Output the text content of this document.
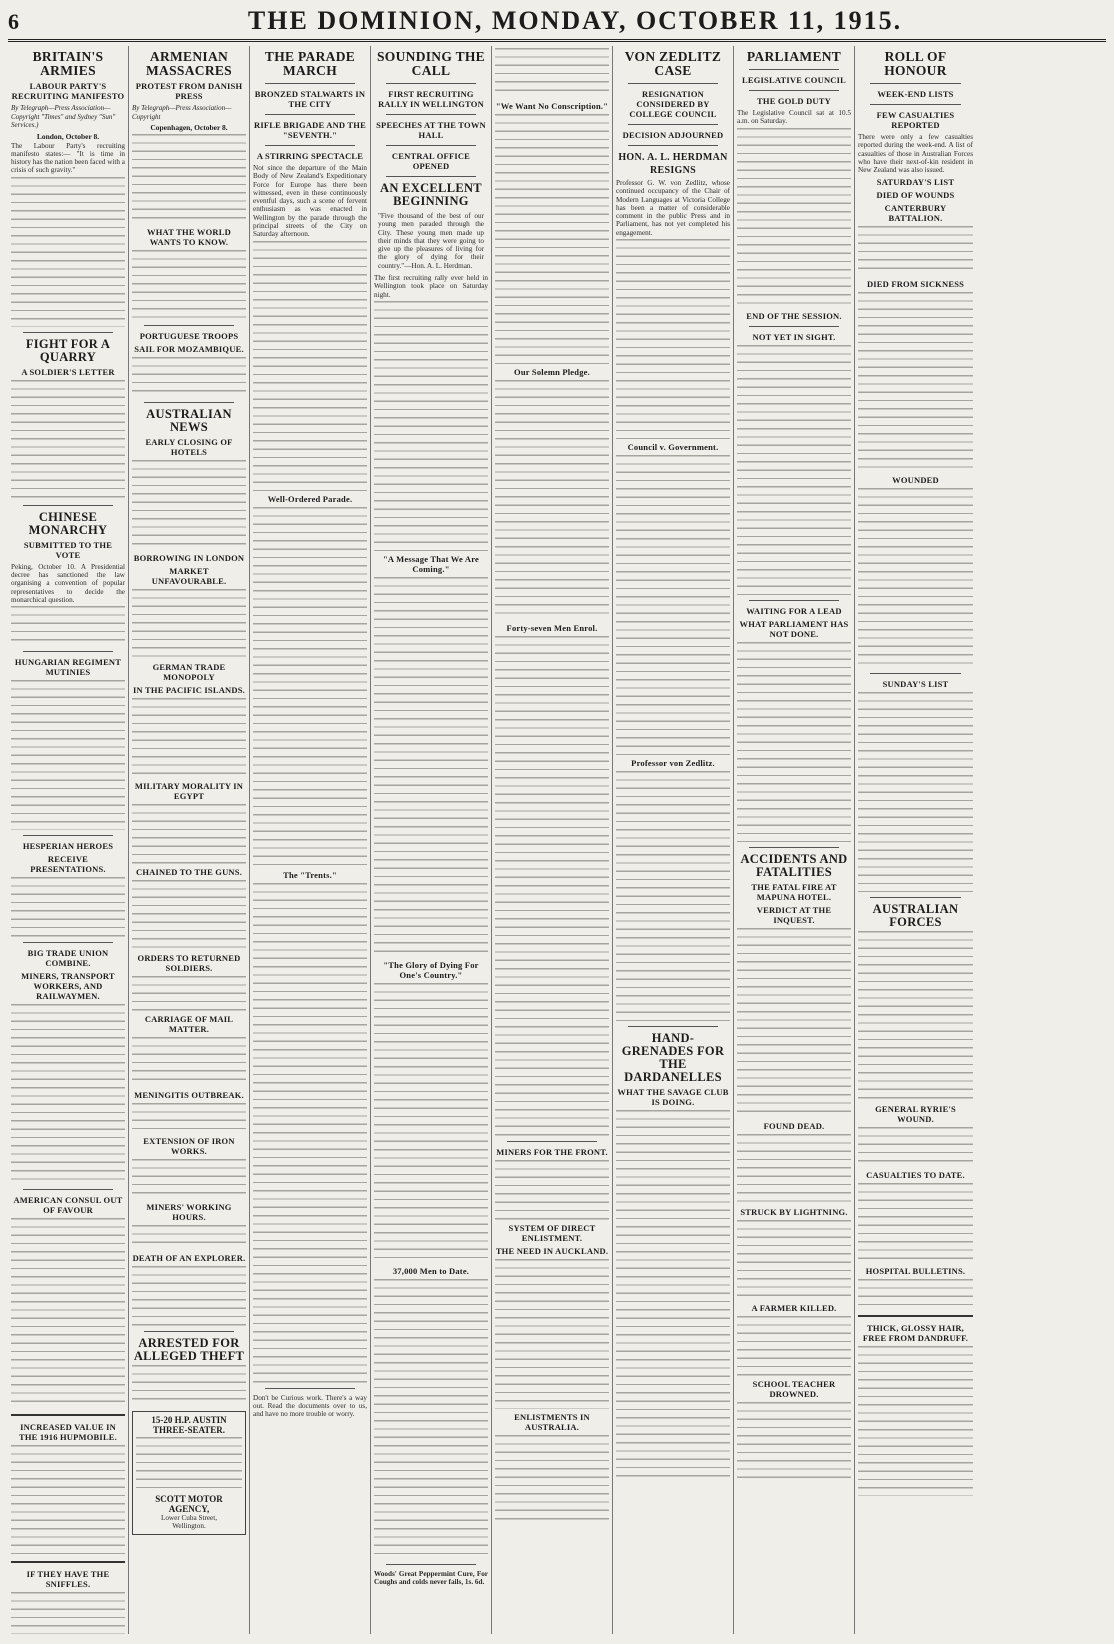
6	THE DOMINION, MONDAY, OCTOBER 11, 1915.
BRITAIN'S ARMIES
LABOUR PARTY'S RECRUITING MANIFESTO
By Telegraph—Press Association—Copyright "Times" and Sydney "Sun" Services.)
London, October 8.

The Labour Party's recruiting manifesto states:— "It is time in history has the nation been faced with a crisis of such gravity."

FIGHT FOR A QUARRY
A SOLDIER'S LETTER
CHINESE MONARCHY
SUBMITTED TO THE VOTE

Peking, October 10. A Presidential decree has sanctioned the law organising a convention of popular representatives to decide the monarchical question.

HUNGARIAN REGIMENT MUTINIES
HESPERIAN HEROES
RECEIVE PRESENTATIONS.
BIG TRADE UNION COMBINE.
MINERS, TRANSPORT WORKERS, AND RAILWAYMEN.
AMERICAN CONSUL OUT OF FAVOUR
INCREASED VALUE IN THE 1916 HUPMOBILE.
IF THEY HAVE THE SNIFFLES.
ARMENIAN MASSACRES
PROTEST FROM DANISH PRESS
By Telegraph—Press Association—Copyright
Copenhagen, October 8.
WHAT THE WORLD WANTS TO KNOW.
PORTUGUESE TROOPS
SAIL FOR MOZAMBIQUE.
AUSTRALIAN NEWS
EARLY CLOSING OF HOTELS
BORROWING IN LONDON
MARKET UNFAVOURABLE.
GERMAN TRADE MONOPOLY
IN THE PACIFIC ISLANDS.
MILITARY MORALITY IN EGYPT
CHAINED TO THE GUNS.
ORDERS TO RETURNED SOLDIERS.
CARRIAGE OF MAIL MATTER.
MENINGITIS OUTBREAK.
EXTENSION OF IRON WORKS.
MINERS' WORKING HOURS.
DEATH OF AN EXPLORER.
ARRESTED FOR ALLEGED THEFT
15-20 H.P. AUSTIN THREE-SEATER.
SCOTT MOTOR AGENCY,
Lower Cuba Street,
Wellington.
THE PARADE MARCH
BRONZED STALWARTS IN THE CITY
RIFLE BRIGADE AND THE "SEVENTH."
A STIRRING SPECTACLE

Not since the departure of the Main Body of New Zealand's Expeditionary Force for Europe has there been witnessed, even in these continuously eventful days, such a scene of fervent enthusiasm as was enacted in Wellington by the parade through the principal streets of the City on Saturday afternoon.

Well-Ordered Parade.
The "Trents."

Don't be Curious work. There's a way out. Read the documents over to us, and have no more trouble or worry.

SOUNDING THE CALL
FIRST RECRUITING RALLY IN WELLINGTON
SPEECHES AT THE TOWN HALL
CENTRAL OFFICE OPENED
AN EXCELLENT BEGINNING

"Five thousand of the best of our young men paraded through the City. These young men made up their minds that they were going to give up the pleasures of living for the glory of dying for their country."—Hon. A. L. Herdman.

The first recruiting rally ever held in Wellington took place on Saturday night.

"A Message That We Are Coming."
"The Glory of Dying For One's Country."
37,000 Men to Date.

Woods' Great Peppermint Cure, For Coughs and colds never fails, 1s. 6d.

"We Want No Conscription."
Our Solemn Pledge.
Forty-seven Men Enrol.
MINERS FOR THE FRONT.
SYSTEM OF DIRECT ENLISTMENT.
THE NEED IN AUCKLAND.
ENLISTMENTS IN AUSTRALIA.
VON ZEDLITZ CASE
RESIGNATION CONSIDERED BY COLLEGE COUNCIL
DECISION ADJOURNED
HON. A. L. HERDMAN RESIGNS

Professor G. W. von Zedlitz, whose continued occupancy of the Chair of Modern Languages at Victoria College has been a matter of considerable comment in the public Press and in Parliament, has not yet completed his engagement.

Council v. Government.
Professor von Zedlitz.
HAND-GRENADES FOR THE DARDANELLES
WHAT THE SAVAGE CLUB IS DOING.
PARLIAMENT
LEGISLATIVE COUNCIL
THE GOLD DUTY

The Legislative Council sat at 10.5 a.m. on Saturday.

END OF THE SESSION.
NOT YET IN SIGHT.
WAITING FOR A LEAD
WHAT PARLIAMENT HAS NOT DONE.
ACCIDENTS AND FATALITIES
THE FATAL FIRE AT MAPUNA HOTEL.
VERDICT AT THE INQUEST.
FOUND DEAD.
STRUCK BY LIGHTNING.
A FARMER KILLED.
SCHOOL TEACHER DROWNED.
ROLL OF HONOUR
WEEK-END LISTS
FEW CASUALTIES REPORTED

There were only a few casualties reported during the week-end. A list of casualties of those in Australian Forces who have their next-of-kin resident in New Zealand was also issued.

SATURDAY'S LIST
DIED OF WOUNDS
CANTERBURY BATTALION.
DIED FROM SICKNESS
WOUNDED
SUNDAY'S LIST
AUSTRALIAN FORCES
GENERAL RYRIE'S WOUND.
CASUALTIES TO DATE.
HOSPITAL BULLETINS.
THICK, GLOSSY HAIR, FREE FROM DANDRUFF.
